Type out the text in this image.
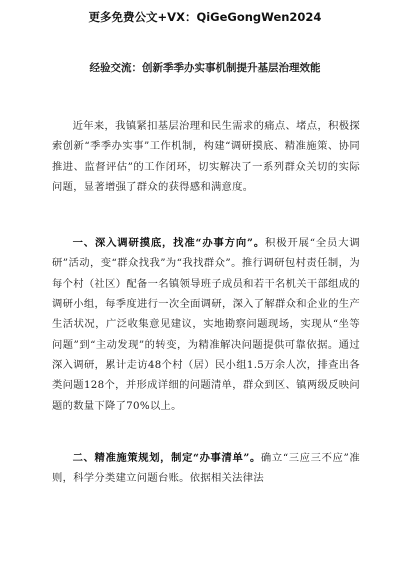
更多免费公文+VX：QiGeGongWen2024
经验交流：创新季季办实事机制提升基层治理效能

近年来，我镇紧扣基层治理和民生需求的痛点、堵点，积极探索创新“季季办实事”工作机制，构建“调研摸底、精准施策、协同推进、监督评估”的工作闭环，切实解决了一系列群众关切的实际问题，显著增强了群众的获得感和满意度。

一、深入调研摸底，找准“办事方向”。积极开展“全员大调研”活动，变“群众找我”为“我找群众”。推行调研包村责任制，为每个村（社区）配备一名镇领导班子成员和若干名机关干部组成的调研小组，每季度进行一次全面调研，深入了解群众和企业的生产生活状况，广泛收集意见建议，实地勘察问题现场，实现从“坐等问题”到“主动发现”的转变，为精准解决问题提供可靠依据。通过深入调研，累计走访48个村（居）民小组1.5万余人次，排查出各类问题128个，并形成详细的问题清单，群众到区、镇两级反映问题的数量下降了70%以上。

二、精准施策规划，制定“办事清单”。确立“三应三不应”准则，科学分类建立问题台账。依据相关法律法
